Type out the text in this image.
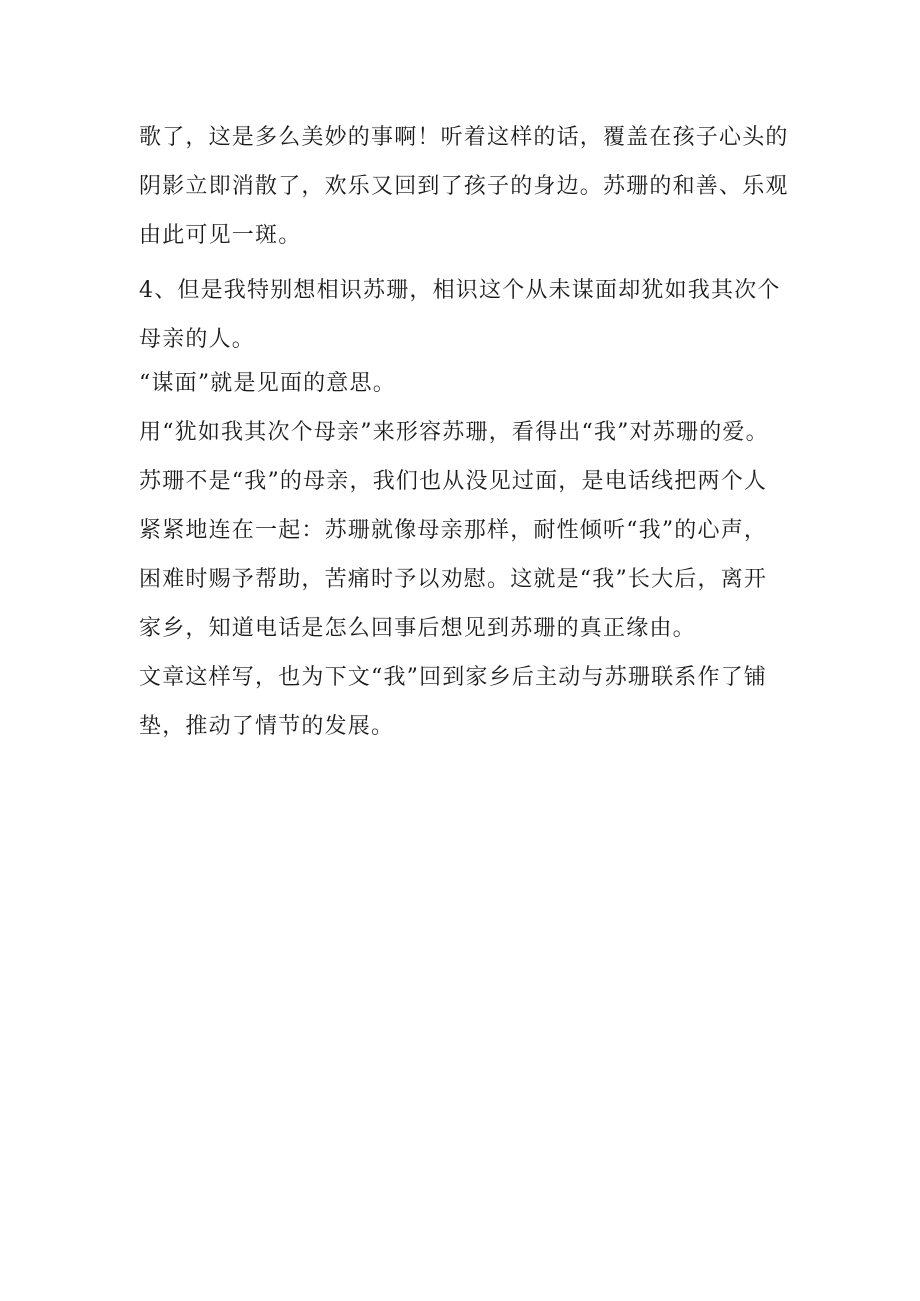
歌了，这是多么美妙的事啊！听着这样的话，覆盖在孩子心头的
阴影立即消散了，欢乐又回到了孩子的身边。苏珊的和善、乐观
由此可见一斑。
4、但是我特别想相识苏珊，相识这个从未谋面却犹如我其次个
母亲的人。
“谋面”就是见面的意思。
用“犹如我其次个母亲”来形容苏珊，看得出“我”对苏珊的爱。
苏珊不是“我”的母亲，我们也从没见过面，是电话线把两个人
紧紧地连在一起：苏珊就像母亲那样，耐性倾听“我”的心声，
困难时赐予帮助，苦痛时予以劝慰。这就是“我”长大后，离开
家乡，知道电话是怎么回事后想见到苏珊的真正缘由。
文章这样写，也为下文“我”回到家乡后主动与苏珊联系作了铺
垫，推动了情节的发展。
